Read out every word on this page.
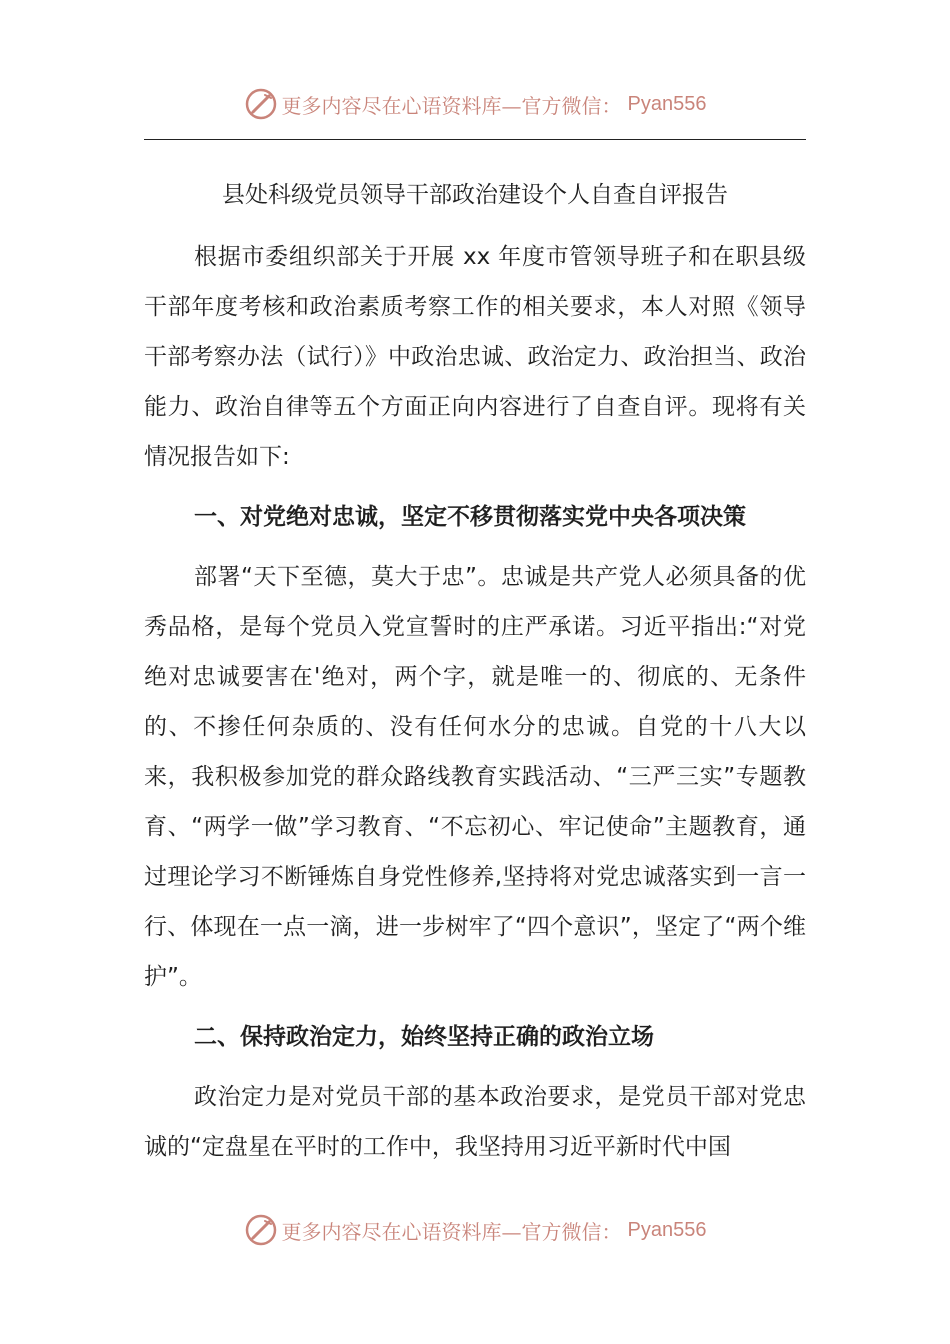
更多内容尽在心语资料库—官方微信： Pyan556
县处科级党员领导干部政治建设个人自查自评报告

根据市委组织部关于开展 xx 年度市管领导班子和在职县级干部年度考核和政治素质考察工作的相关要求，本人对照《领导干部考察办法（试行）》中政治忠诚、政治定力、政治担当、政治能力、政治自律等五个方面正向内容进行了自查自评。现将有关情况报告如下:

一、对党绝对忠诚，坚定不移贯彻落实党中央各项决策

部署“天下至德，莫大于忠”。忠诚是共产党人必须具备的优秀品格，是每个党员入党宣誓时的庄严承诺。习近平指出:“对党绝对忠诚要害在'绝对，两个字，就是唯一的、彻底的、无条件的、不掺任何杂质的、没有任何水分的忠诚。自党的十八大以来，我积极参加党的群众路线教育实践活动、“三严三实”专题教育、“两学一做”学习教育、“不忘初心、牢记使命”主题教育，通过理论学习不断锤炼自身党性修养,坚持将对党忠诚落实到一言一行、体现在一点一滴，进一步树牢了“四个意识”，坚定了“两个维护”。

二、保持政治定力，始终坚持正确的政治立场

政治定力是对党员干部的基本政治要求，是党员干部对党忠诚的“定盘星在平时的工作中，我坚持用习近平新时代中国

更多内容尽在心语资料库—官方微信： Pyan556
